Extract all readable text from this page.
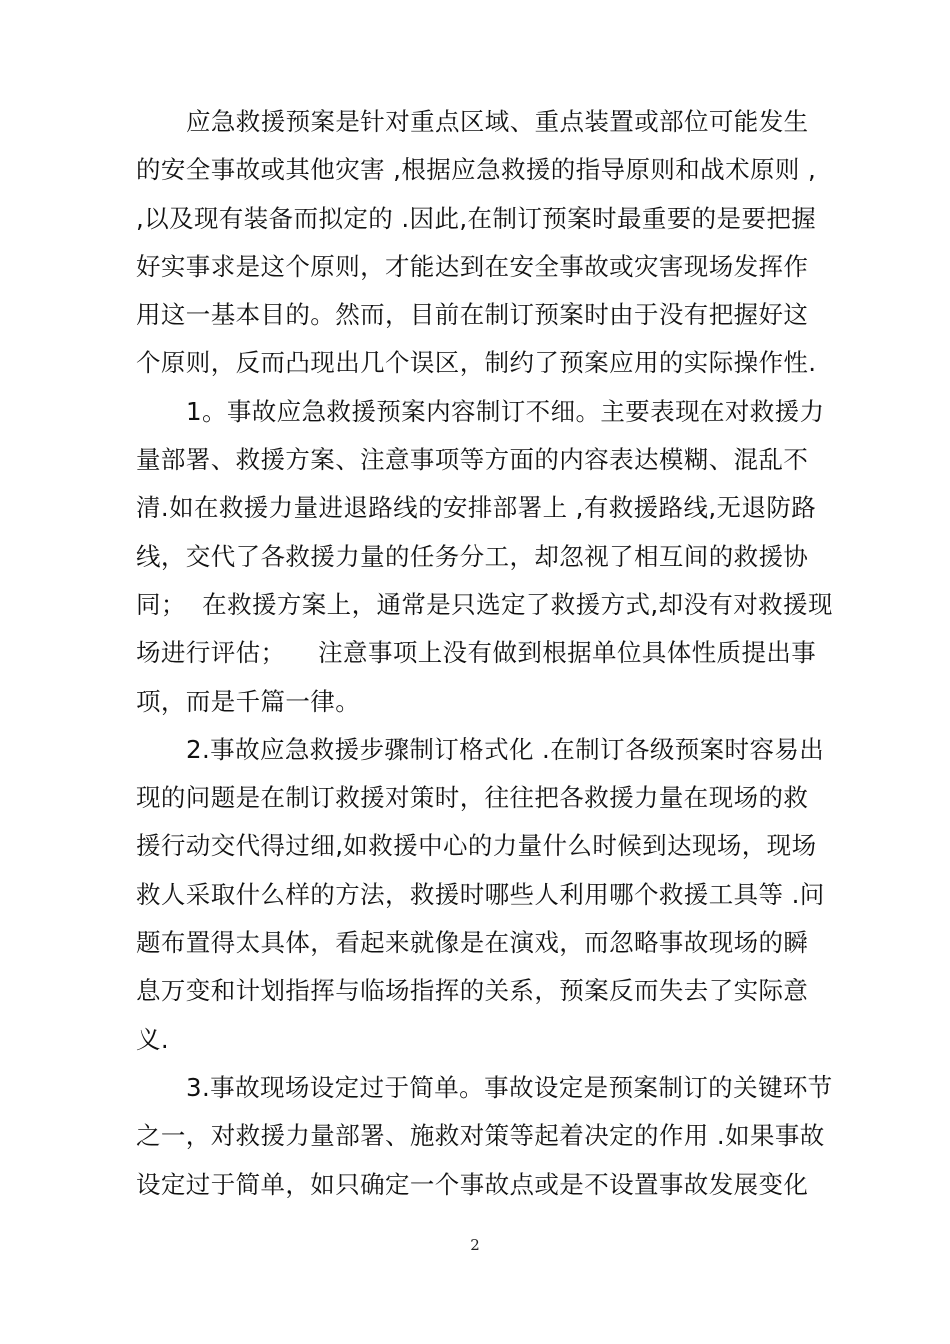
应急救援预案是针对重点区域、重点装置或部位可能发生
的安全事故或其他灾害 ,根据应急救援的指导原则和战术原则 ,
,以及现有装备而拟定的 .因此,在制订预案时最重要的是要把握
好实事求是这个原则，才能达到在安全事故或灾害现场发挥作
用这一基本目的。然而，目前在制订预案时由于没有把握好这
个原则，反而凸现出几个误区，制约了预案应用的实际操作性.
1。事故应急救援预案内容制订不细。主要表现在对救援力
量部署、救援方案、注意事项等方面的内容表达模糊、混乱不
清.如在救援力量进退路线的安排部署上 ,有救援路线,无退防路
线，交代了各救援力量的任务分工，却忽视了相互间的救援协
同；  在救援方案上，通常是只选定了救援方式,却没有对救援现
场进行评估；    注意事项上没有做到根据单位具体性质提出事
项，而是千篇一律。
2.事故应急救援步骤制订格式化 .在制订各级预案时容易出
现的问题是在制订救援对策时，往往把各救援力量在现场的救
援行动交代得过细,如救援中心的力量什么时候到达现场，现场
救人采取什么样的方法，救援时哪些人利用哪个救援工具等 .问
题布置得太具体，看起来就像是在演戏，而忽略事故现场的瞬
息万变和计划指挥与临场指挥的关系，预案反而失去了实际意
义.
3.事故现场设定过于简单。事故设定是预案制订的关键环节
之一，对救援力量部署、施救对策等起着决定的作用 .如果事故
设定过于简单，如只确定一个事故点或是不设置事故发展变化
2
